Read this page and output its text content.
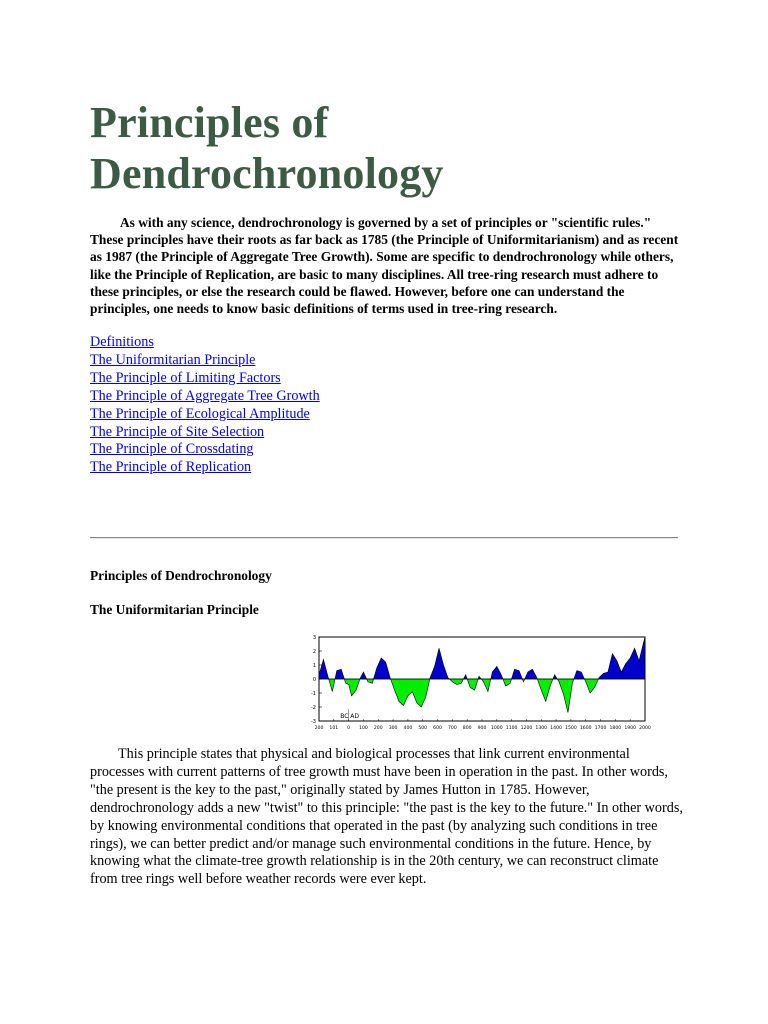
Principles of
Dendrochronology

As with any science, dendrochronology is governed by a set of principles or "scientific rules." These principles have their roots as far back as 1785 (the Principle of Uniformitarianism) and as recent as 1987 (the Principle of Aggregate Tree Growth). Some are specific to dendrochronology while others, like the Principle of Replication, are basic to many disciplines. All tree-ring research must adhere to these principles, or else the research could be flawed. However, before one can understand the principles, one needs to know basic definitions of terms used in tree-ring research.

Definitions
The Uniformitarian Principle
The Principle of Limiting Factors
The Principle of Aggregate Tree Growth
The Principle of Ecological Amplitude
The Principle of Site Selection
The Principle of Crossdating
The Principle of Replication

Principles of Dendrochronology

The Uniformitarian Principle

3
2
1
0
-1
-2
-3
200 101 0 100 200 300 400 500 600 700 800 900 1000 1100 1200 1300 1400 1500 1600 1700 1800 1900 2000
BC AD

This principle states that physical and biological processes that link current environmental processes with current patterns of tree growth must have been in operation in the past. In other words, "the present is the key to the past," originally stated by James Hutton in 1785. However, dendrochronology adds a new "twist" to this principle: "the past is the key to the future." In other words, by knowing environmental conditions that operated in the past (by analyzing such conditions in tree rings), we can better predict and/or manage such environmental conditions in the future. Hence, by knowing what the climate-tree growth relationship is in the 20th century, we can reconstruct climate from tree rings well before weather records were ever kept.
